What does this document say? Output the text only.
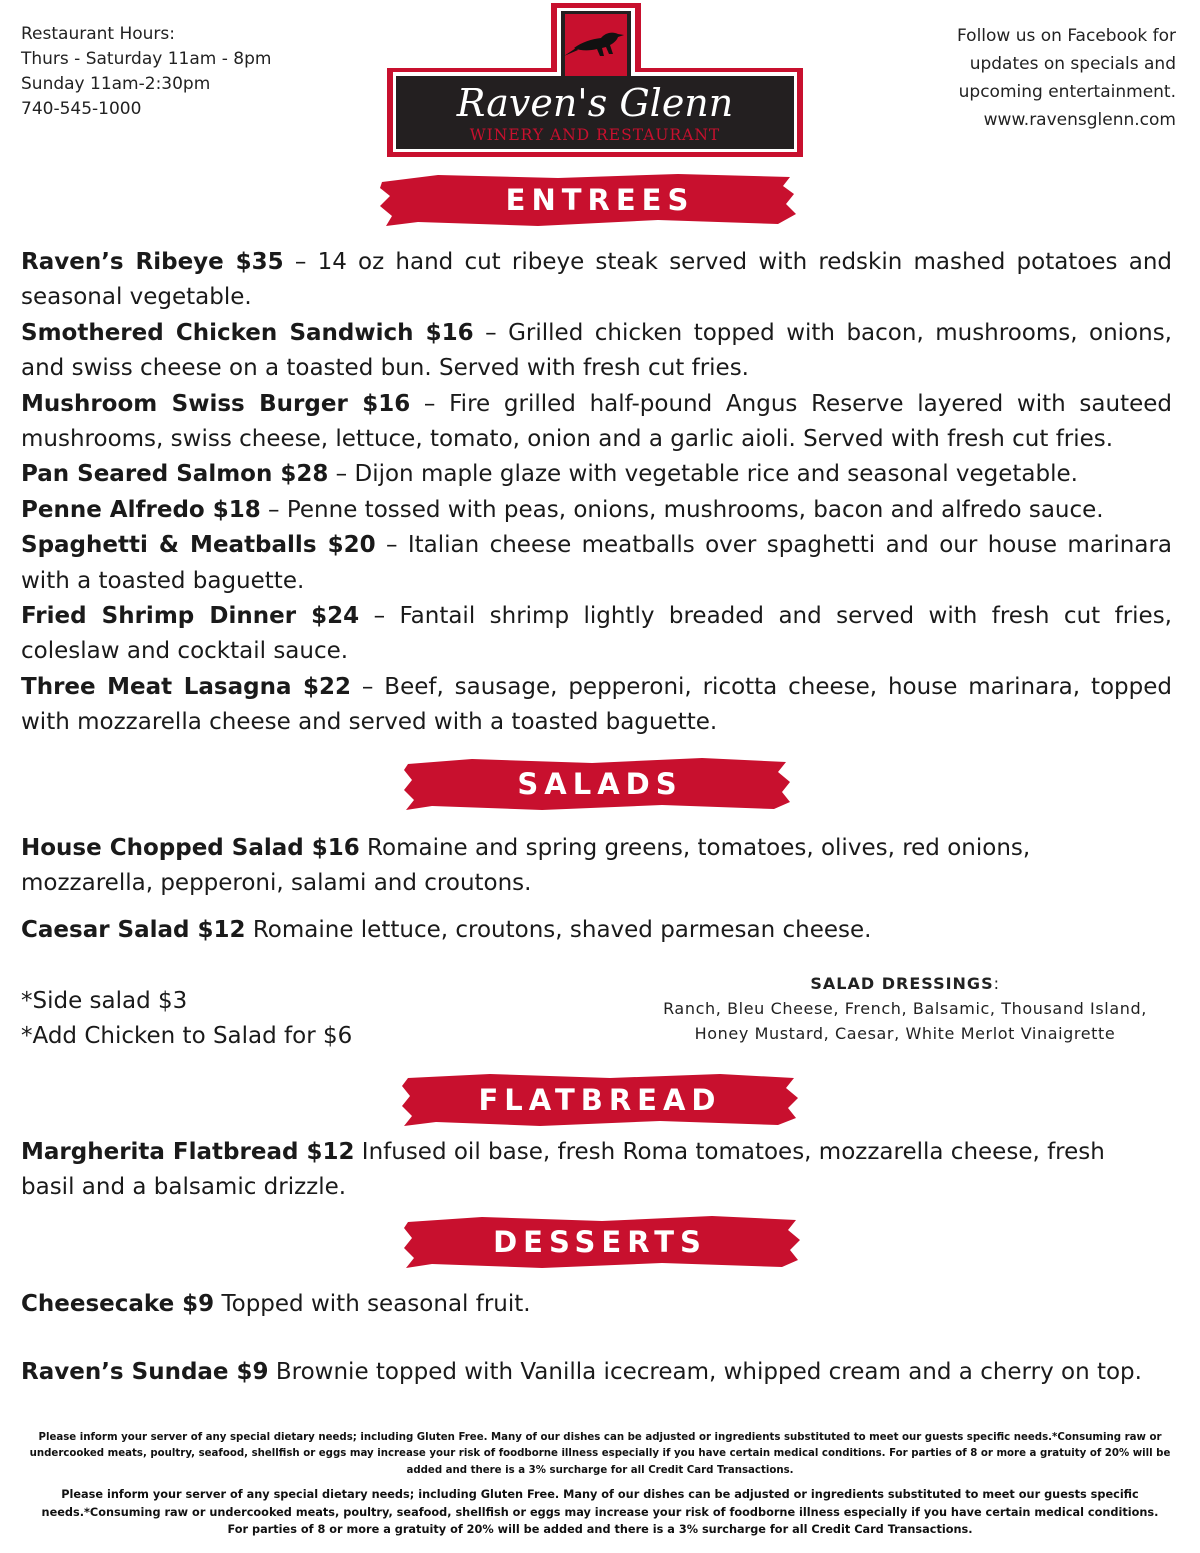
Restaurant Hours:
Thurs - Saturday 11am - 8pm
Sunday 11am-2:30pm
740-545-1000	Raven's Glenn
WINERY AND RESTAURANT
Follow us on Facebook for
updates on specials and
upcoming entertainment.
www.ravensglenn.com
ENTREES

Raven’s Ribeye $35 – 14 oz hand cut ribeye steak served with redskin mashed potatoes and seasonal vegetable.

Smothered Chicken Sandwich $16 – Grilled chicken topped with bacon, mushrooms, onions, and swiss cheese on a toasted bun. Served with fresh cut fries.

Mushroom Swiss Burger $16 – Fire grilled half-pound Angus Reserve layered with sauteed mushrooms, swiss cheese, lettuce, tomato, onion and a garlic aioli. Served with fresh cut fries.

Pan Seared Salmon $28 – Dijon maple glaze with vegetable rice and seasonal vegetable.

Penne Alfredo $18 – Penne tossed with peas, onions, mushrooms, bacon and alfredo sauce.

Spaghetti & Meatballs $20 – Italian cheese meatballs over spaghetti and our house marinara with a toasted baguette.

Fried Shrimp Dinner $24 – Fantail shrimp lightly breaded and served with fresh cut fries, coleslaw and cocktail sauce.

Three Meat Lasagna $22 – Beef, sausage, pepperoni, ricotta cheese, house marinara, topped with mozzarella cheese and served with a toasted baguette.

SALADS

House Chopped Salad $16 Romaine and spring greens, tomatoes, olives, red onions, mozzarella, pepperoni, salami and croutons.

Caesar Salad $12 Romaine lettuce, croutons, shaved parmesan cheese.

*Side salad $3

*Add Chicken to Salad for $6

SALAD DRESSINGS:
Ranch, Bleu Cheese, French, Balsamic, Thousand Island,
Honey Mustard, Caesar, White Merlot Vinaigrette
FLATBREAD

Margherita Flatbread $12 Infused oil base, fresh Roma tomatoes, mozzarella cheese, fresh basil and a balsamic drizzle.

DESSERTS

Cheesecake $9 Topped with seasonal fruit.

Raven’s Sundae $9 Brownie topped with Vanilla icecream, whipped cream and a cherry on top.

Please inform your server of any special dietary needs; including Gluten Free. Many of our dishes can be adjusted or ingredients substituted to meet our guests specific needs.*Consuming raw or undercooked meats, poultry, seafood, shellfish or eggs may increase your risk of foodborne illness especially if you have certain medical conditions. For parties of 8 or more a gratuity of 20% will be added and there is a 3% surcharge for all Credit Card Transactions.
Please inform your server of any special dietary needs; including Gluten Free. Many of our dishes can be adjusted or ingredients substituted to meet our guests specific needs.*Consuming raw or undercooked meats, poultry, seafood, shellfish or eggs may increase your risk of foodborne illness especially if you have certain medical conditions. For parties of 8 or more a gratuity of 20% will be added and there is a 3% surcharge for all Credit Card Transactions.
